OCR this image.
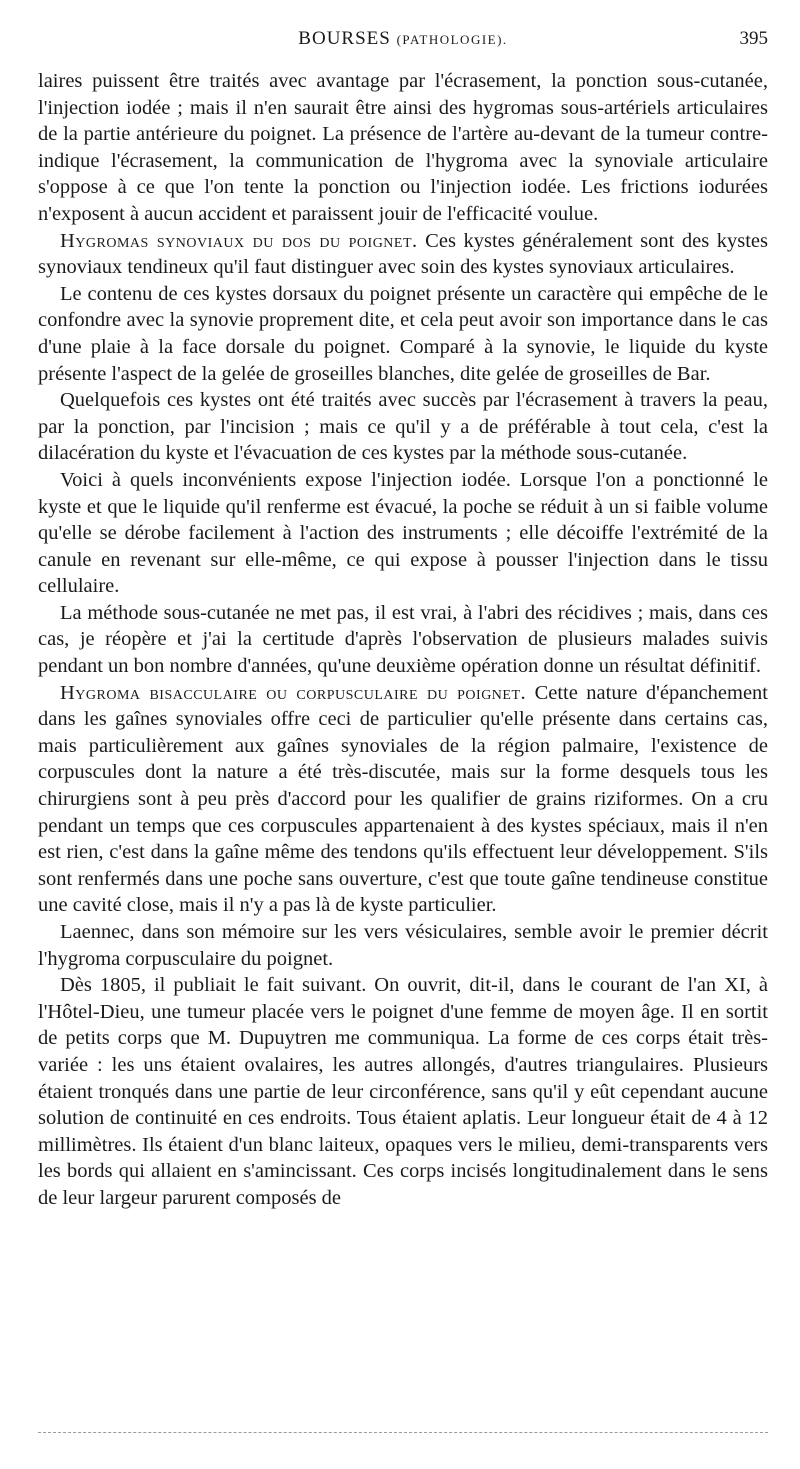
BOURSES (PATHOLOGIE).	395

laires puissent être traités avec avantage par l'écrasement, la ponction sous-cutanée, l'injection iodée ; mais il n'en saurait être ainsi des hygromas sous-artériels articulaires de la partie antérieure du poignet. La présence de l'artère au-devant de la tumeur contre-indique l'écrasement, la communication de l'hygroma avec la synoviale articulaire s'oppose à ce que l'on tente la ponction ou l'injection iodée. Les frictions iodurées n'exposent à aucun accident et paraissent jouir de l'efficacité voulue.

Hygromas synoviaux du dos du poignet. Ces kystes généralement sont des kystes synoviaux tendineux qu'il faut distinguer avec soin des kystes synoviaux articulaires.

Le contenu de ces kystes dorsaux du poignet présente un caractère qui empêche de le confondre avec la synovie proprement dite, et cela peut avoir son importance dans le cas d'une plaie à la face dorsale du poignet. Comparé à la synovie, le liquide du kyste présente l'aspect de la gelée de groseilles blanches, dite gelée de groseilles de Bar.

Quelquefois ces kystes ont été traités avec succès par l'écrasement à travers la peau, par la ponction, par l'incision ; mais ce qu'il y a de préférable à tout cela, c'est la dilacération du kyste et l'évacuation de ces kystes par la méthode sous-cutanée.

Voici à quels inconvénients expose l'injection iodée. Lorsque l'on a ponctionné le kyste et que le liquide qu'il renferme est évacué, la poche se réduit à un si faible volume qu'elle se dérobe facilement à l'action des instruments ; elle décoiffe l'extrémité de la canule en revenant sur elle-même, ce qui expose à pousser l'injection dans le tissu cellulaire.

La méthode sous-cutanée ne met pas, il est vrai, à l'abri des récidives ; mais, dans ces cas, je réopère et j'ai la certitude d'après l'observation de plusieurs malades suivis pendant un bon nombre d'années, qu'une deuxième opération donne un résultat définitif.

Hygroma bisacculaire ou corpusculaire du poignet. Cette nature d'épanchement dans les gaînes synoviales offre ceci de particulier qu'elle présente dans certains cas, mais particulièrement aux gaînes synoviales de la région palmaire, l'existence de corpuscules dont la nature a été très-discutée, mais sur la forme desquels tous les chirurgiens sont à peu près d'accord pour les qualifier de grains riziformes. On a cru pendant un temps que ces corpuscules appartenaient à des kystes spéciaux, mais il n'en est rien, c'est dans la gaîne même des tendons qu'ils effectuent leur développement. S'ils sont renfermés dans une poche sans ouverture, c'est que toute gaîne tendineuse constitue une cavité close, mais il n'y a pas là de kyste particulier.

Laennec, dans son mémoire sur les vers vésiculaires, semble avoir le premier décrit l'hygroma corpusculaire du poignet.

Dès 1805, il publiait le fait suivant. On ouvrit, dit-il, dans le courant de l'an XI, à l'Hôtel-Dieu, une tumeur placée vers le poignet d'une femme de moyen âge. Il en sortit de petits corps que M. Dupuytren me communiqua. La forme de ces corps était très-variée : les uns étaient ovalaires, les autres allongés, d'autres triangulaires. Plusieurs étaient tronqués dans une partie de leur circonférence, sans qu'il y eût cependant aucune solution de continuité en ces endroits. Tous étaient aplatis. Leur longueur était de 4 à 12 millimètres. Ils étaient d'un blanc laiteux, opaques vers le milieu, demi-transparents vers les bords qui allaient en s'amincissant. Ces corps incisés longitudinalement dans le sens de leur largeur parurent composés de
